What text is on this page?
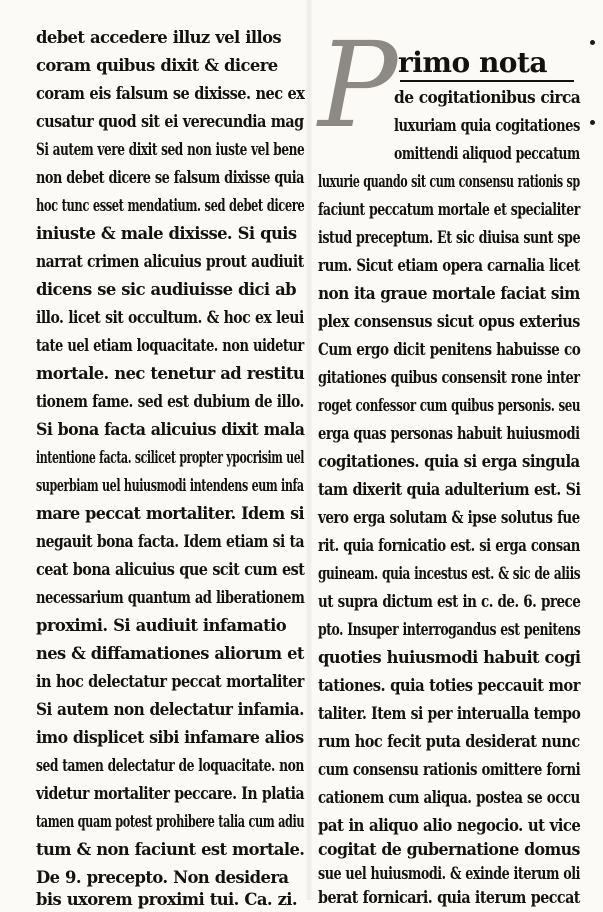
debet accedere illuz vel illos
coram quibus dixit & dicere
coram eis falsum se dixisse. nec ex
cusatur quod sit ei verecundia mag
Si autem vere dixit sed non iuste vel bene
non debet dicere se falsum dixisse quia
hoc tunc esset mendatium. sed debet dicere
iniuste & male dixisse. Si quis
narrat crimen alicuius prout audiuit
dicens se sic audiuisse dici ab
illo. licet sit occultum. & hoc ex leui
tate uel etiam loquacitate. non uidetur
mortale. nec tenetur ad restitu
tionem fame. sed est dubium de illo.
Si bona facta alicuius dixit mala
intentione facta. scilicet propter ypocrisim uel
superbiam uel huiusmodi intendens eum infa
mare peccat mortaliter. Idem si
negauit bona facta. Idem etiam si ta
ceat bona alicuius que scit cum est
necessarium quantum ad liberationem
proximi. Si audiuit infamatio
nes & diffamationes aliorum et
in hoc delectatur peccat mortaliter
Si autem non delectatur infamia.
imo displicet sibi infamare alios
sed tamen delectatur de loquacitate. non
videtur mortaliter peccare. In platia
tamen quam potest prohibere talia cum adiu
tum & non faciunt est mortale.
De 9. precepto. Non desidera
bis uxorem proximi tui. Ca. zi.
P rimo nota
de cogitationibus circa
luxuriam quia cogitationes
omittendi aliquod peccatum
luxurie quando sit cum consensu rationis sp
faciunt peccatum mortale et specialiter
istud preceptum. Et sic diuisa sunt spe
rum. Sicut etiam opera carnalia licet
non ita graue mortale faciat sim
plex consensus sicut opus exterius
Cum ergo dicit penitens habuisse co
gitationes quibus consensit rone inter
roget confessor cum quibus personis. seu
erga quas personas habuit huiusmodi
cogitationes. quia si erga singula
tam dixerit quia adulterium est. Si
vero erga solutam & ipse solutus fue
rit. quia fornicatio est. si erga consan
guineam. quia incestus est. & sic de aliis
ut supra dictum est in c. de. 6. prece
pto. Insuper interrogandus est penitens
quoties huiusmodi habuit cogi
tationes. quia toties peccauit mor
taliter. Item si per interualla tempo
rum hoc fecit puta desiderat nunc
cum consensu rationis omittere forni
cationem cum aliqua. postea se occu
pat in aliquo alio negocio. ut vice
cogitat de gubernatione domus
sue uel huiusmodi. & exinde iterum oli
berat fornicari. quia iterum peccat
